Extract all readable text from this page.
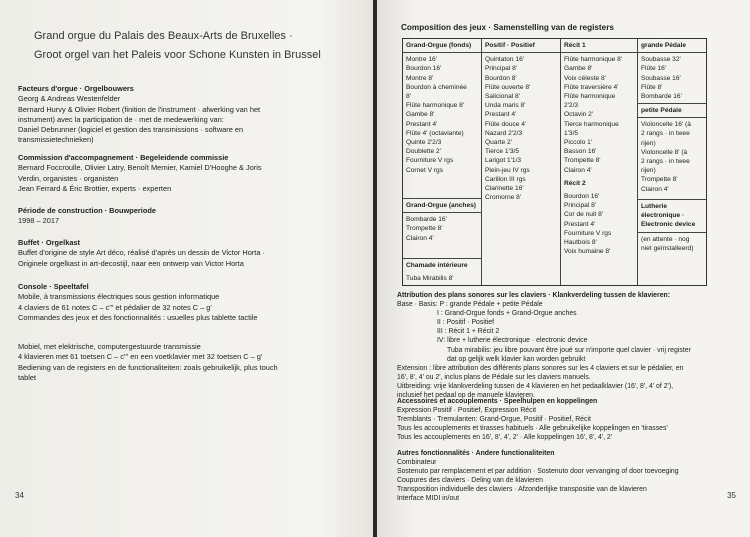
Grand orgue du Palais des Beaux-Arts de Bruxelles ·
Groot orgel van het Paleis voor Schone Kunsten in Brussel
Facteurs d'orgue · Orgelbouwers
Georg & Andreas Westenfelder
Bernard Hurvy & Olivier Robert (finition de l'instrument · afwerking van het
instrument) avec la participation de · met de medewerking van:
Daniel Debrunner (logiciel et gestion des transmissions · software en
transmissietechnieken)
Commission d'accompagnement · Begeleidende commissie
Bernard Foccroulle, Olivier Latry, Benoît Mernier, Kamiel D'Hooghe & Joris
Verdin, organistes · organisten
Jean Ferrard & Éric Brottier, experts · experten
Période de construction · Bouwperiode
1998 – 2017
Buffet · Orgelkast
Buffet d'origine de style Art déco, réalisé d'après un dessin de Victor Horta ·
Originele orgelkast in art-decostijl, naar een ontwerp van Victor Horta
Console · Speeltafel
Mobile, à transmissions électriques sous gestion informatique
4 claviers de 61 notes C – c''' et pédalier de 32 notes C – g'
Commandes des jeux et des fonctionnalités : usuelles plus tablette tactile
Mobiel, met elektrische, computergestuurde transmissie
4 klavieren met 61 toetsen C – c''' en een voetklavier met 32 toetsen C – g'
Bediening van de registers en de functionaliteiten: zoals gebruikelijk, plus touch
tablet
34
Composition des jeux · Samenstelling van de registers
Grand-Orgue (fonds)
Montre 16'
Bourdon 16'
Montre 8'
Bourdon à cheminée
8'
Flûte harmonique 8'
Gambe 8'
Prestant 4'
Flûte 4' (octaviante)
Quinte 2'2/3
Doublette 2'
Fourniture V rgs
Cornet V rgs
Grand-Orgue (anches)
Bombarde 16'
Trompette 8'
Clairon 4'
Chamade intérieure
Tuba Mirabilis 8'
Positif · Positief
Quintaton 16'
Principal 8'
Bourdon 8'
Flûte ouverte 8'
Salicional 8'
Unda maris 8'
Prestant 4'
Flûte douce 4'
Nazard 2'2/3
Quarte 2'
Tierce 1'3/5
Larigot 1'1/3
Plein-jeu IV rgs
Carillon III rgs
Clarinette 16'
Cromorne 8'
Récit 1
Flûte harmonique 8'
Gambe 8'
Voix céleste 8'
Flûte traversière 4'
Flûte harmonique
2'2/3
Octavin 2'
Tierce harmonique
1'3/5
Piccolo 1'
Basson 16'
Trompette 8'
Clairon 4'
Récit 2
Bourdon 16'
Principal 8'
Cor de nuit 8'
Prestant 4'
Fourniture V rgs
Hautbois 8'
Voix humaine 8'
grande Pédale
Soubasse 32'
Flûte 16'
Soubasse 16'
Flûte 8'
Bombarde 16'
petite Pédale
Violoncelle 16' (à
2 rangs · in twee
rijen)
Violoncelle 8' (à
2 rangs · in twee
rijen)
Trompette 8'
Clairon 4'
Lutherie électronique · Electronic device
(en attente · nog
niet geïnstalleerd)
Attribution des plans sonores sur les claviers · Klankverdeling tussen de klavieren:
Base · Basis: P : grande Pédale + petite Pédale
I : Grand-Orgue fonds + Grand-Orgue anches
II : Positif · Positief
III : Récit 1 + Récit 2
IV: libre + lutherie électronique · electronic device
Tuba mirabilis: jeu libre pouvant être joué sur n'importe quel clavier · vrij register
dat op gelijk welk klavier kan worden gebruikt
Extension : libre attribution des différents plans sonores sur les 4 claviers et sur le pédalier, en
16', 8', 4' ou 2', inclus plans de Pédale sur les claviers manuels.
Uitbreiding: vrije klankverdeling tussen de 4 klavieren en het pedaalklavier (16', 8', 4' of 2'),
inclusief het pedaal op de manuele klavieren.
Accessoires et accouplements · Speelhulpen en koppelingen
Expression Positif · Positief, Expression Récit
Tremblants · Tremulanten: Grand-Orgue, Positif · Positief, Récit
Tous les accouplements et tirasses habituels · Alle gebruikelijke koppelingen en 'tirasses'
Tous les accouplements en 16', 8', 4', 2' · Alle koppelingen 16', 8', 4', 2'
Autres fonctionnalités · Andere functionaliteiten
Combinateur
Sostenuto par remplacement et par addition · Sostenuto door vervanging of door toevoeging
Coupures des claviers · Deling van de klavieren
Transposition individuelle des claviers · Afzonderlijke transpositie van de klavieren
Interface MIDI in/out	35
